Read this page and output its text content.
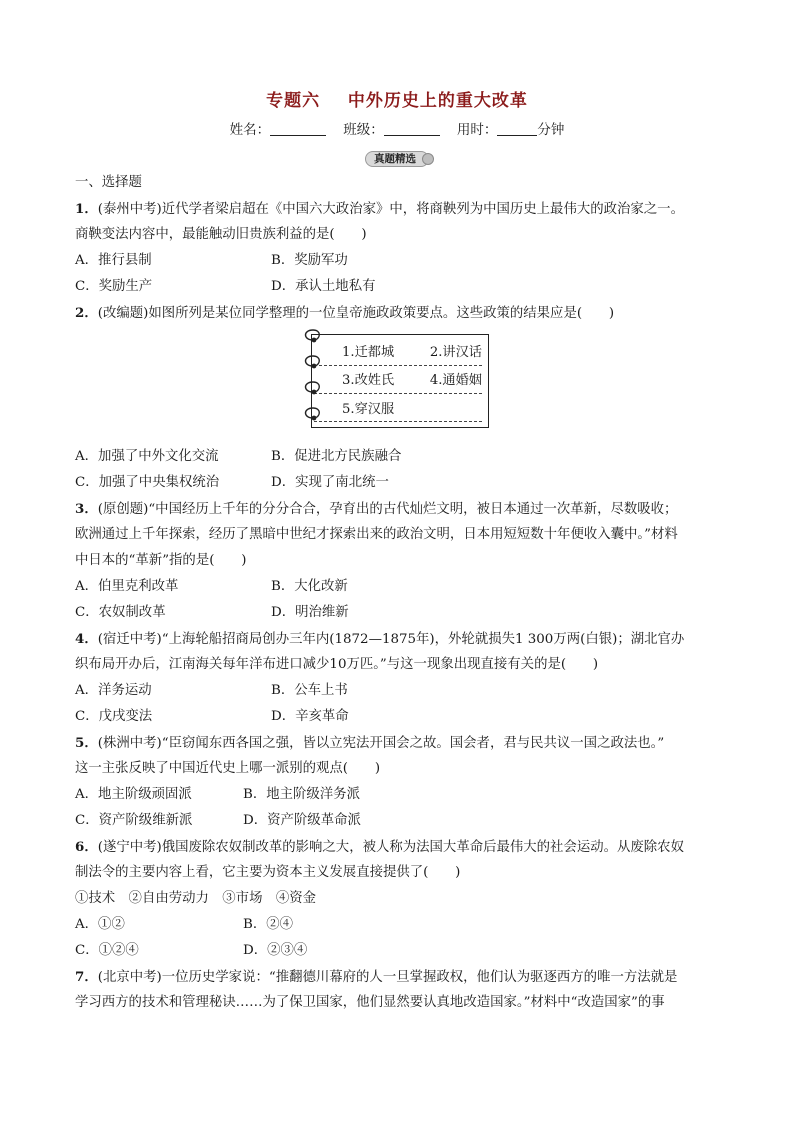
专题六    中外历史上的重大改革
姓名：	班级：	用时：	分钟
真题精选
一、选择题
1．(泰州中考)近代学者梁启超在《中国六大政治家》中，将商鞅列为中国历史上最伟大的政治家之一。
商鞅变法内容中，最能触动旧贵族利益的是(　　)
A．推行县制	B．奖励军功
C．奖励生产	D．承认土地私有
2．(改编题)如图所列是某位同学整理的一位皇帝施政政策要点。这些政策的结果应是(　　)
1.迁都城	2.讲汉话
3.改姓氏	4.通婚姻
5.穿汉服
A．加强了中外文化交流	B．促进北方民族融合
C．加强了中央集权统治	D．实现了南北统一
3．(原创题)“中国经历上千年的分分合合，孕育出的古代灿烂文明，被日本通过一次革新，尽数吸收；
欧洲通过上千年探索，经历了黑暗中世纪才探索出来的政治文明，日本用短短数十年便收入囊中。”材料
中日本的“革新”指的是(　　)
A．伯里克利改革	B．大化改新
C．农奴制改革	D．明治维新
4．(宿迁中考)“上海轮船招商局创办三年内(1872—1875年)，外轮就损失1 300万两(白银)；湖北官办
织布局开办后，江南海关每年洋布进口减少10万匹。”与这一现象出现直接有关的是(　　)
A．洋务运动	B．公车上书
C．戊戌变法	D．辛亥革命
5．(株洲中考)“臣窃闻东西各国之强，皆以立宪法开国会之故。国会者，君与民共议一国之政法也。”
这一主张反映了中国近代史上哪一派别的观点(　　)
A．地主阶级顽固派	B．地主阶级洋务派
C．资产阶级维新派	D．资产阶级革命派
6．(遂宁中考)俄国废除农奴制改革的影响之大，被人称为法国大革命后最伟大的社会运动。从废除农奴
制法令的主要内容上看，它主要为资本主义发展直接提供了(　　)
①技术　②自由劳动力　③市场　④资金
A．①②	B．②④
C．①②④	D．②③④
7．(北京中考)一位历史学家说：“推翻德川幕府的人一旦掌握政权，他们认为驱逐西方的唯一方法就是
学习西方的技术和管理秘诀……为了保卫国家，他们显然要认真地改造国家。”材料中“改造国家”的事
